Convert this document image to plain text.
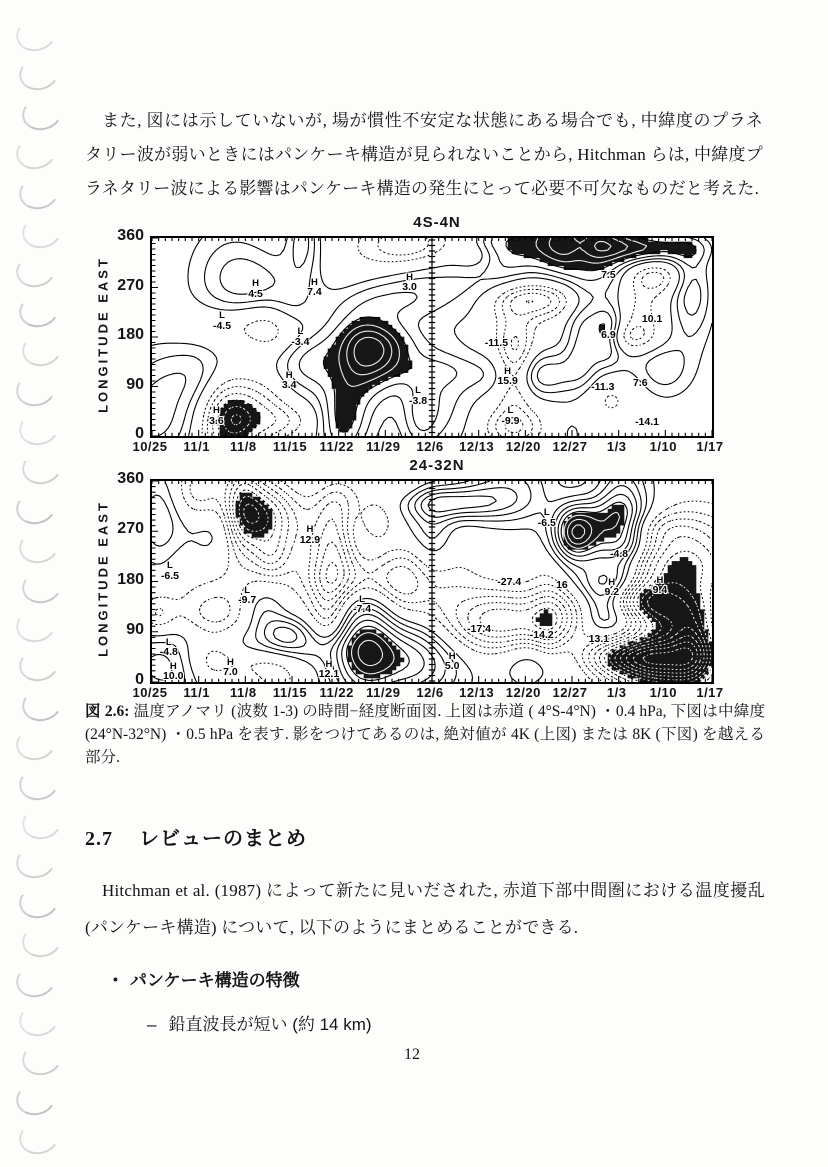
また, 図には示していないが, 場が慣性不安定な状態にある場合でも, 中緯度のプラネタリー波が弱いときにはパンケーキ構造が見られないことから, Hitchman らは, 中緯度プラネタリー波による影響はパンケーキ構造の発生にとって必要不可欠なものだと考えた.
4S-4N
LONGITUDE EAST
360
270
180
90
0
H
4.5
L
-4.5	L
-3.4
H
3.4
H
3.6
H
7.4
H
3.0
L
-3.8
-11.5
H
15.9
6.9
7.5
10.1
-11.3 7.6
L
-9.9	-14.1
10/25	11/1	11/8	11/15 11/22 11/29	12/6	12/13 12/20 12/27	1/3	1/10	1/17
24-32N
LONGITUDE EAST
360
270
180
90
0
L
-6.5
H
12.9
L
-9.7	L
-7.4
L
-4.8
H
10.0
H
7.0
H
12.1
L
-6.5
-27.4	16
-4.8
-17.4
-14.2
H
9.2
H
9.4
13.1
H
5.0
10/25	11/1	11/8	11/15 11/22 11/29	12/6	12/13 12/20 12/27	1/3	1/10	1/17
図 2.6: 温度アノマリ (波数 1-3) の時間−経度断面図. 上図は赤道 ( 4°S-4°N) ・0.4 hPa, 下図は中緯度 (24°N-32°N) ・0.5 hPa を表す. 影をつけてあるのは, 絶対値が 4K (上図) または 8K (下図) を越える部分.
2.7 レビューのまとめ
Hitchman et al. (1987) によって新たに見いだされた, 赤道下部中間圏における温度擾乱 (パンケーキ構造) について, 以下のようにまとめることができる.
• パンケーキ構造の特徴
– 鉛直波長が短い (約 14 km)
12
